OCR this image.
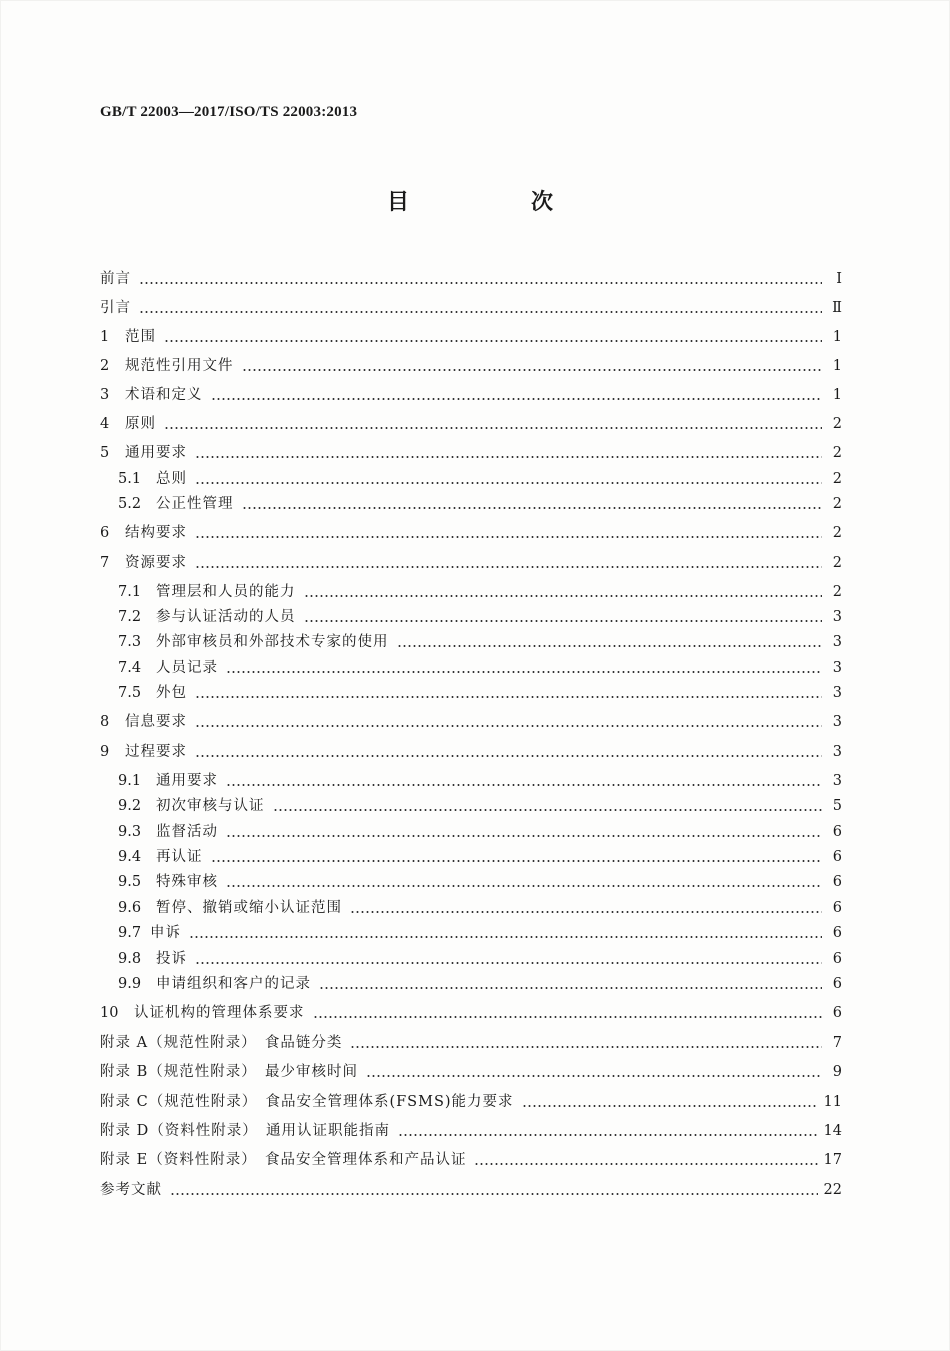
GB/T 22003—2017/ISO/TS 22003:2013
目　次
前言	Ⅰ
引言	Ⅱ
1	范围	1
2	规范性引用文件	1
3	术语和定义	1
4	原则	2
5	通用要求	2
5.1	总则	2
5.2	公正性管理	2
6	结构要求	2
7	资源要求	2
7.1	管理层和人员的能力	2
7.2	参与认证活动的人员	3
7.3	外部审核员和外部技术专家的使用	3
7.4	人员记录	3
7.5	外包	3
8	信息要求	3
9	过程要求	3
9.1	通用要求	3
9.2	初次审核与认证	5
9.3	监督活动	6
9.4	再认证	6
9.5	特殊审核	6
9.6	暂停、撤销或缩小认证范围	6
9.7 申诉	6
9.8	投诉	6
9.9	申请组织和客户的记录	6
10	认证机构的管理体系要求	6
附录 A（规范性附录）　食品链分类	7
附录 B（规范性附录）　最少审核时间	9
附录 C（规范性附录）　食品安全管理体系(FSMS)能力要求	11
附录 D（资料性附录）　通用认证职能指南	14
附录 E（资料性附录）　食品安全管理体系和产品认证	17
参考文献	22
